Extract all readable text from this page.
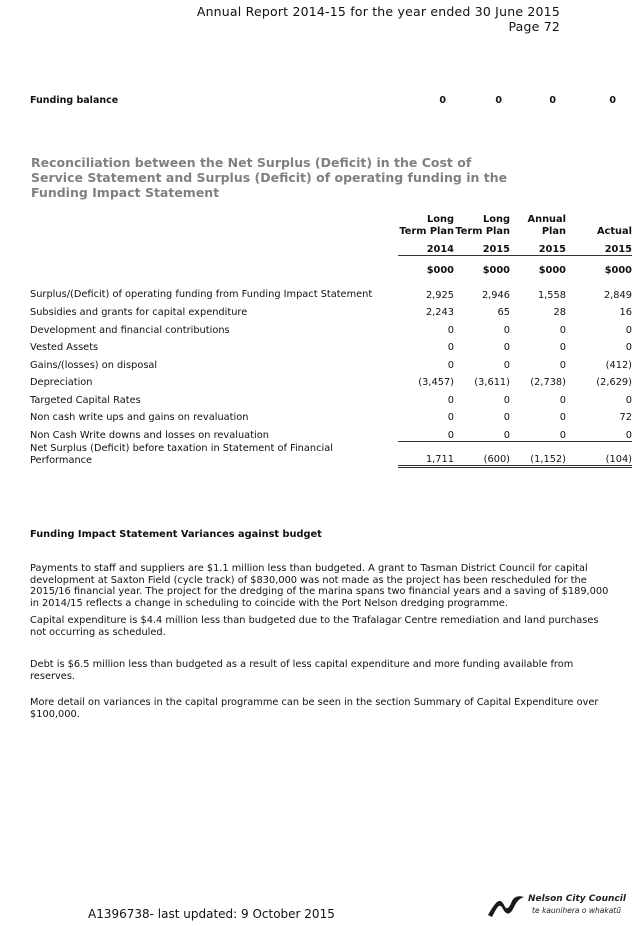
Annual Report 2014-15 for the year ended 30 June 2015
Page 72
Funding balance	0	0	0	0
Reconciliation between the Net Surplus (Deficit) in the Cost of Service Statement and Surplus (Deficit) of operating funding in the Funding Impact Statement
	Long Term Plan	Long Term Plan	Annual Plan	Actual
	2014	2015	2015	2015
	$000	$000	$000	$000
Surplus/(Deficit) of operating funding from Funding Impact Statement	2,925	2,946	1,558	2,849
Subsidies and grants for capital expenditure	2,243	65	28	16
Development and financial contributions	0	0	0	0
Vested Assets	0	0	0	0
Gains/(losses) on disposal	0	0	0	(412)
Depreciation	(3,457)	(3,611)	(2,738)	(2,629)
Targeted Capital Rates	0	0	0	0
Non cash write ups and gains on revaluation	0	0	0	72
Non Cash Write downs and losses on revaluation	0	0	0	0
Net Surplus (Deficit) before taxation in Statement of Financial Performance	1,711	(600)	(1,152)	(104)
Funding Impact Statement Variances against budget
Payments to staff and suppliers are $1.1 million less than budgeted. A grant to Tasman District Council for capital development at Saxton Field (cycle track) of $830,000 was not made as the project has been rescheduled for the 2015/16 financial year. The project for the dredging of the marina spans two financial years and a saving of $189,000 in 2014/15 reflects a change in scheduling to coincide with the Port Nelson dredging programme.
Capital expenditure is $4.4 million less than budgeted due to the Trafalagar Centre remediation and land purchases not occurring as scheduled.
Debt is $6.5 million less than budgeted as a result of less capital expenditure and more funding available from reserves.
More detail on variances in the capital programme can be seen in the section Summary of Capital Expenditure over $100,000.
A1396738- last updated: 9 October 2015
Nelson City Council
te kaunihera o whakatū
